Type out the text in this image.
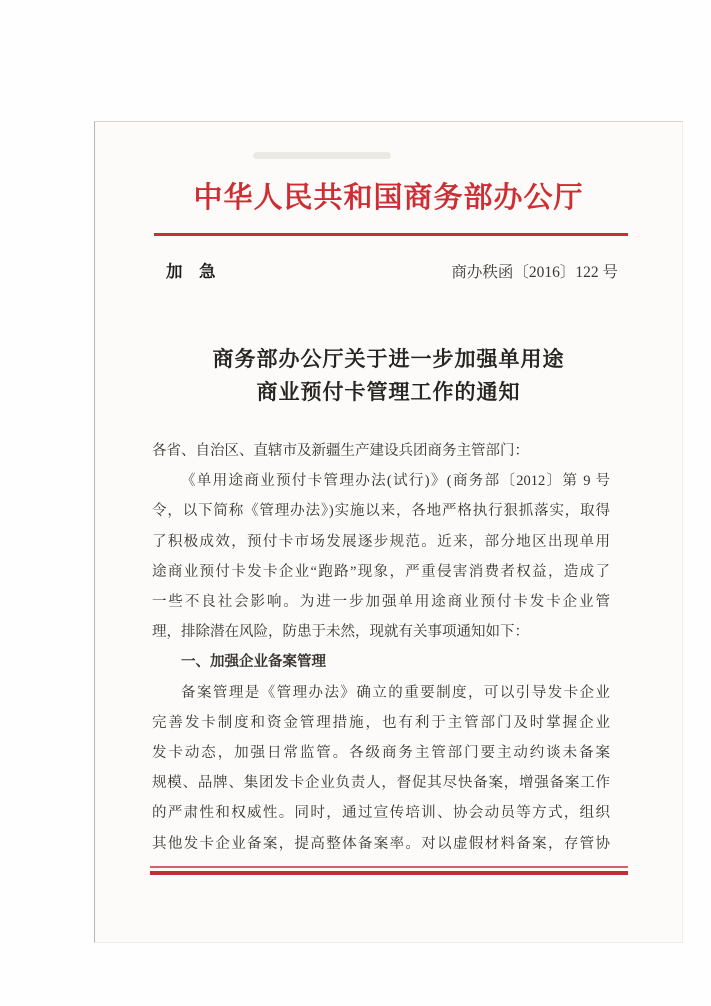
中华人民共和国商务部办公厅
加　急	商办秩函〔2016〕122 号
商务部办公厅关于进一步加强单用途
商业预付卡管理工作的通知
各省、自治区、直辖市及新疆生产建设兵团商务主管部门：
《单用途商业预付卡管理办法(试行)》(商务部〔2012〕第 9 号
令，以下简称《管理办法》)实施以来，各地严格执行狠抓落实，取得
了积极成效，预付卡市场发展逐步规范。近来，部分地区出现单用
途商业预付卡发卡企业“跑路”现象，严重侵害消费者权益，造成了
一些不良社会影响。为进一步加强单用途商业预付卡发卡企业管
理，排除潜在风险，防患于未然，现就有关事项通知如下：
一、加强企业备案管理
备案管理是《管理办法》确立的重要制度，可以引导发卡企业
完善发卡制度和资金管理措施，也有利于主管部门及时掌握企业
发卡动态，加强日常监管。各级商务主管部门要主动约谈未备案
规模、品牌、集团发卡企业负责人，督促其尽快备案，增强备案工作
的严肃性和权威性。同时，通过宣传培训、协会动员等方式，组织
其他发卡企业备案，提高整体备案率。对以虚假材料备案，存管协
